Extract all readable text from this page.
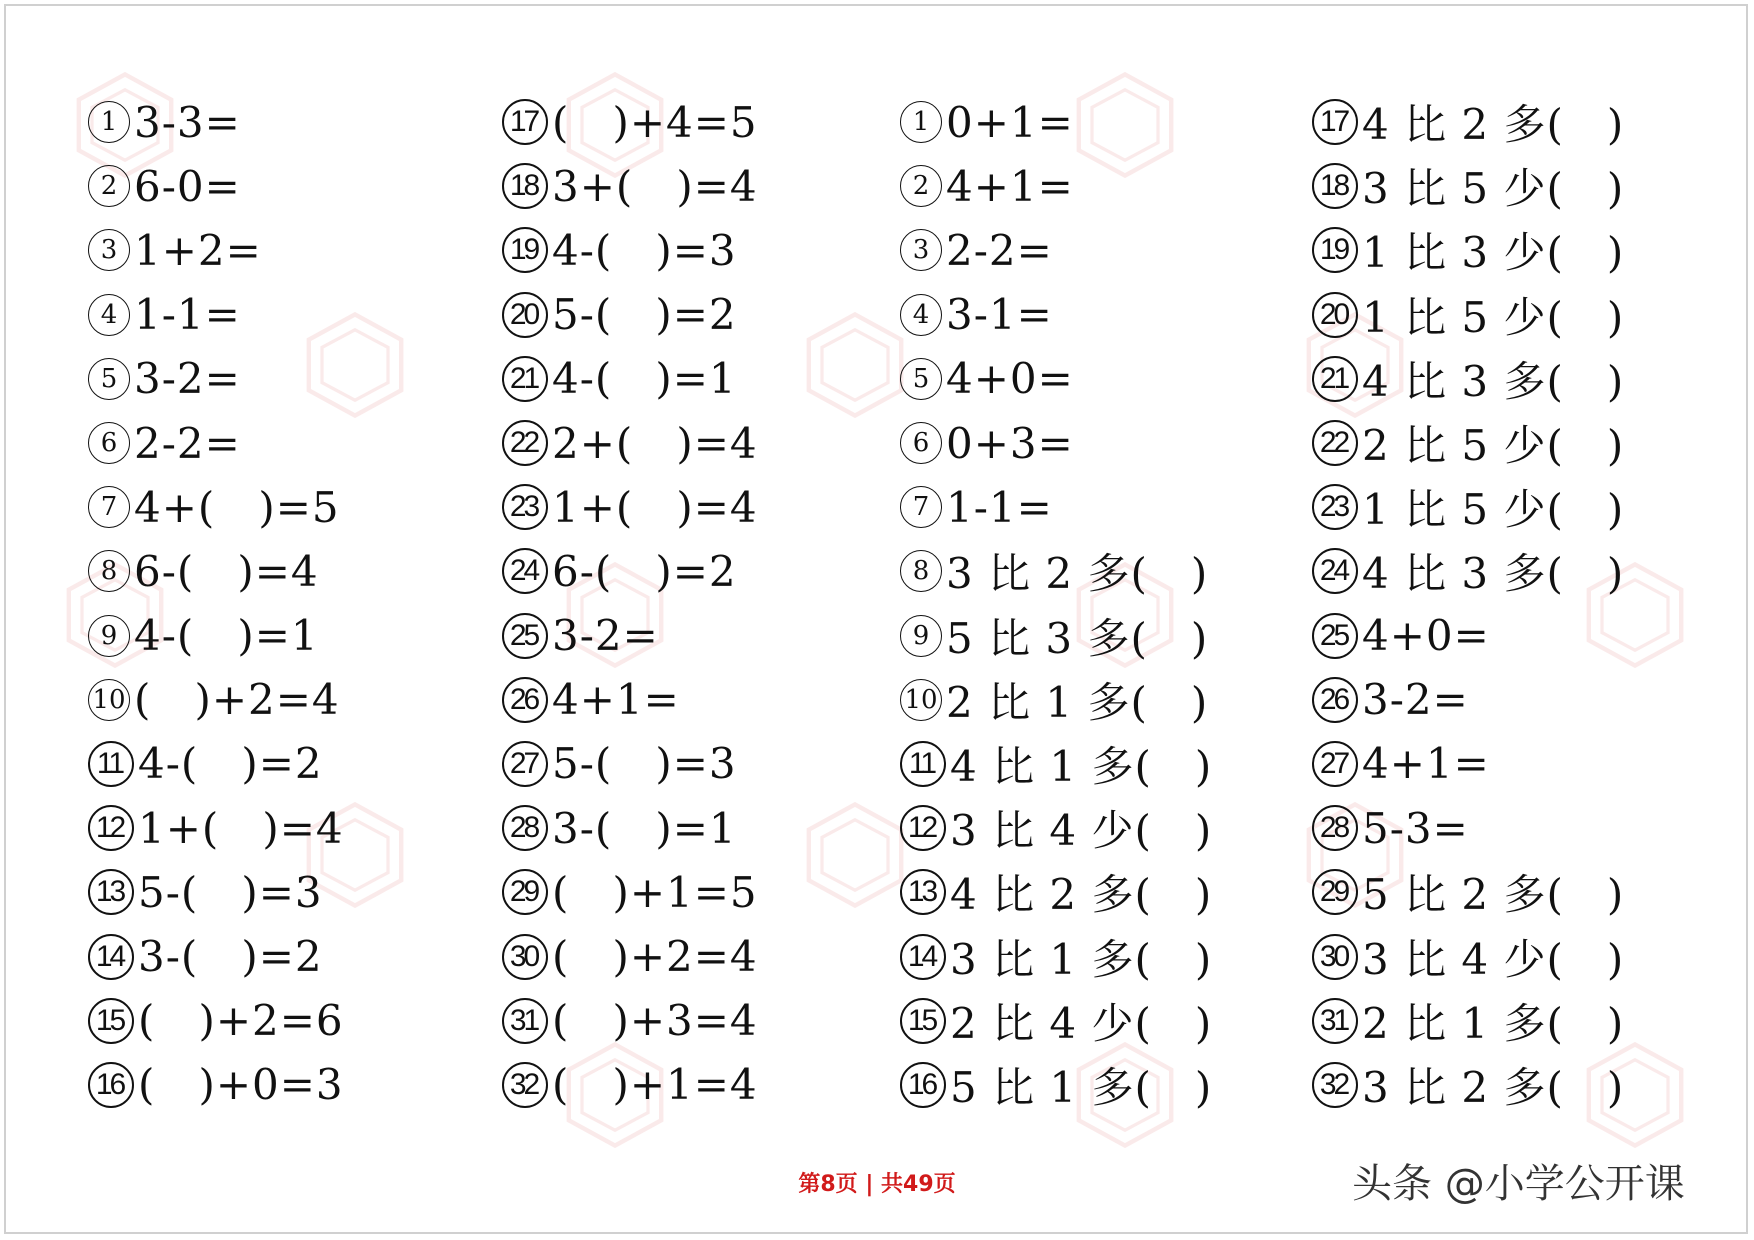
1 3-3=
2 6-0=
3 1+2=
4 1-1=
5 3-2=
6 2-2=
7 4+(   )=5
8 6-(   )=4
9 4-(   )=1
10 (   )+2=4
11 4-(   )=2
12 1+(   )=4
13 5-(   )=3
14 3-(   )=2
15 (   )+2=6
16 (   )+0=3
17 (   )+4=5
18 3+(   )=4
19 4-(   )=3
20 5-(   )=2
21 4-(   )=1
22 2+(   )=4
23 1+(   )=4
24 6-(   )=2
25 3-2=
26 4+1=
27 5-(   )=3
28 3-(   )=1
29 (   )+1=5
30 (   )+2=4
31 (   )+3=4
32 (   )+1=4
1 0+1=
2 4+1=
3 2-2=
4 3-1=
5 4+0=
6 0+3=
7 1-1=
8 3 比 2 多(   )
9 5 比 3 多(   )
10 2 比 1 多(   )
11 4 比 1 多(   )
12 3 比 4 少(   )
13 4 比 2 多(   )
14 3 比 1 多(   )
15 2 比 4 少(   )
16 5 比 1 多(   )
17 4 比 2 多(   )
18 3 比 5 少(   )
19 1 比 3 少(   )
20 1 比 5 少(   )
21 4 比 3 多(   )
22 2 比 5 少(   )
23 1 比 5 少(   )
24 4 比 3 多(   )
25 4+0=
26 3-2=
27 4+1=
28 5-3=
29 5 比 2 多(   )
30 3 比 4 少(   )
31 2 比 1 多(   )
32 3 比 2 多(   )
第8页 | 共49页	头条 @小学公开课
